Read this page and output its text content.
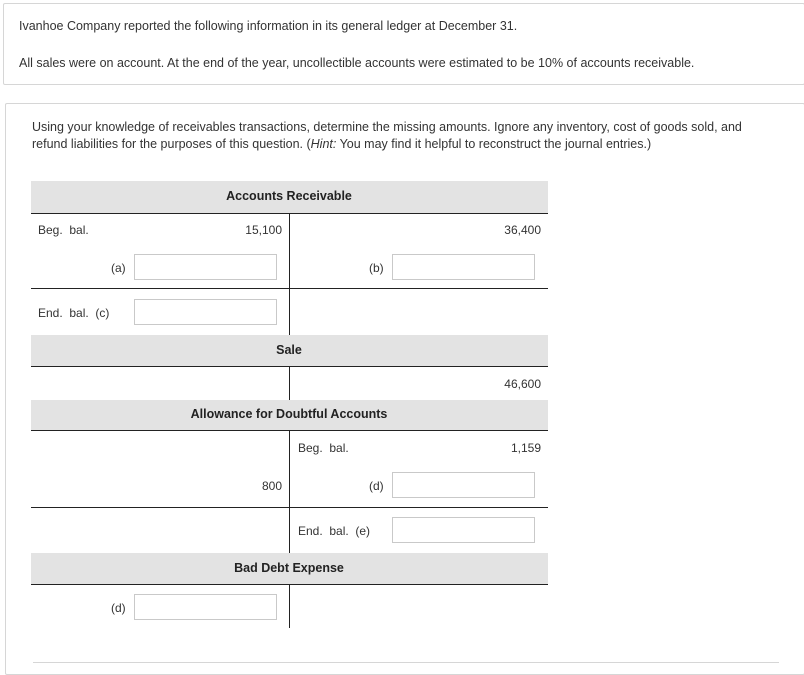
Ivanhoe Company reported the following information in its general ledger at December 31.
All sales were on account. At the end of the year, uncollectible accounts were estimated to be 10% of accounts receivable.
Using your knowledge of receivables transactions, determine the missing amounts. Ignore any inventory, cost of goods sold, and refund liabilities for the purposes of this question. (Hint: You may find it helpful to reconstruct the journal entries.)
Accounts Receivable
Beg.  bal.	15,100	36,400
(a)	(b)
End.  bal.  (c)
Sale
46,600
Allowance for Doubtful Accounts
Beg.  bal.	1,159
800	(d)
End.  bal.  (e)
Bad Debt Expense
(d)
